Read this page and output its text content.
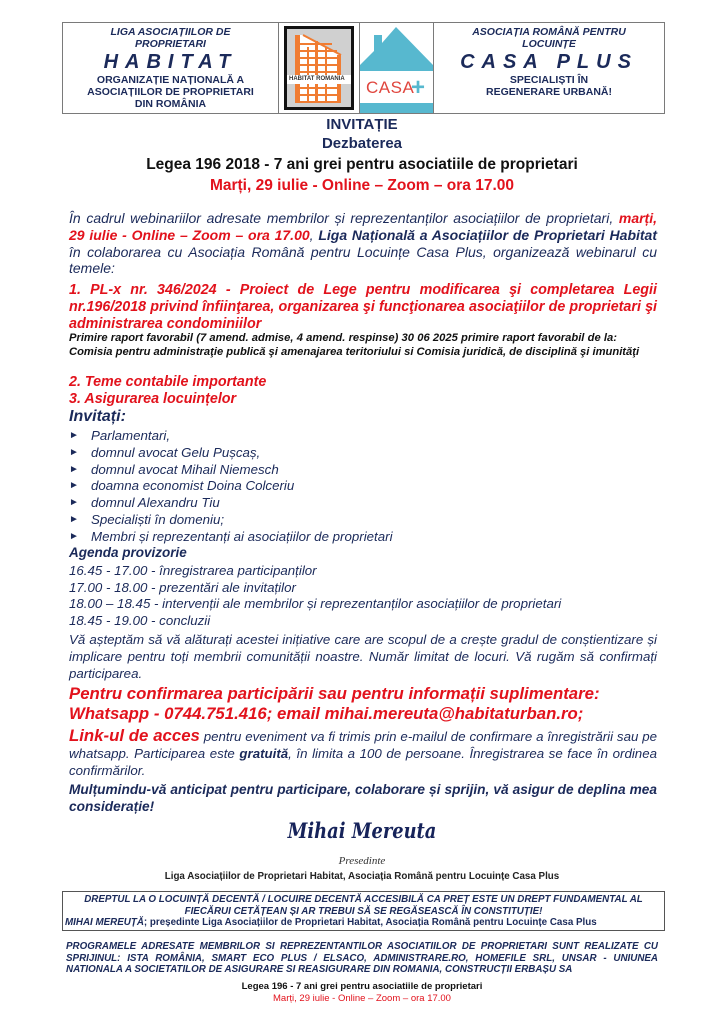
LIGA ASOCIAȚIILOR DE
PROPRIETARI
HABITAT
ORGANIZAȚIE NAȚIONALĂ A
ASOCIAȚIILOR DE PROPRIETARI
DIN ROMÂNIA
HABITAT ROMANIA	CASA
+
ASOCIAȚIA ROMÂNĂ PENTRU
LOCUINȚE
CASA PLUS
SPECIALIȘTI ÎN
REGENERARE URBANĂ!
INVITAȚIE
Dezbaterea
Legea 196 2018 - 7 ani grei pentru asociatiile de proprietari
Marți, 29 iulie - Online – Zoom – ora 17.00
În cadrul webinariilor adresate membrilor și reprezentanților asociațiilor de proprietari, marți, 29 iulie - Online – Zoom – ora 17.00, Liga Națională a Asociațiilor de Proprietari Habitat în colaborarea cu Asociația Română pentru Locuințe Casa Plus, organizează webinarul cu temele:
1. PL-x nr. 346/2024 - Proiect de Lege pentru modificarea şi completarea Legii nr.196/2018 privind înfiinţarea, organizarea şi funcţionarea asociaţiilor de proprietari şi administrarea condominiilor
Primire raport favorabil (7 amend. admise, 4 amend. respinse) 30 06 2025 primire raport favorabil de la:Comisia pentru administraţie publică şi amenajarea teritoriului si Comisia juridică, de disciplină şi imunităţi
2. Teme contabile importante
3. Asigurarea locuințelor
Invitați:
► Parlamentari,
► domnul avocat Gelu Pușcaș,
► domnul avocat Mihail Niemesch
► doamna economist Doina Colceriu
► domnul Alexandru Tiu
► Specialiști în domeniu;
► Membri și reprezentanți ai asociațiilor de proprietari
Agenda provizorie
16.45 - 17.00 - înregistrarea participanților
17.00 - 18.00 - prezentări ale invitaților
18.00 – 18.45 - intervenții ale membrilor și reprezentanților asociațiilor de proprietari
18.45 - 19.00 - concluzii
Vă așteptăm să vă alăturați acestei inițiative care are scopul de a crește gradul de conștientizare și implicare pentru toți membrii comunității noastre. Număr limitat de locuri. Vă rugăm să confirmați participarea.
Pentru confirmarea participării sau pentru informații suplimentare:
Whatsapp - 0744.751.416; email mihai.mereuta@habitaturban.ro;
Link-ul de acces pentru eveniment va fi trimis prin e-mailul de confirmare a înregistrării sau pe whatsapp. Participarea este gratuită, în limita a 100 de persoane. Înregistrarea se face în ordinea confirmărilor.
Mulțumindu-vă anticipat pentru participare, colaborare și sprijin, vă asigur de deplina mea considerație!
Mihai Mereuta
Presedinte
Liga Asociațiilor de Proprietari Habitat, Asociația Română pentru Locuințe Casa Plus
DREPTUL LA O LOCUINȚĂ DECENTĂ / LOCUIRE DECENTĂ ACCESIBILĂ CA PREȚ ESTE UN DREPT FUNDAMENTAL AL FIECĂRUI CETĂȚEAN ȘI AR TREBUI SĂ SE REGĂSEASCĂ ÎN CONSTITUȚIE!
MIHAI MEREUȚĂ; președinte Liga Asociațiilor de Proprietari Habitat, Asociația Română pentru Locuințe Casa Plus
PROGRAMELE ADRESATE MEMBRILOR SI REPREZENTANTILOR ASOCIATIILOR DE PROPRIETARI SUNT REALIZATE CU SPRIJINUL: ISTA ROMÂNIA, SMART ECO PLUS / ELSACO, ADMINISTRARE.RO, HOMEFILE SRL, UNSAR - UNIUNEA NATIONALA A SOCIETATILOR DE ASIGURARE SI REASIGURARE DIN ROMANIA, CONSTRUCȚII ERBAȘU SA
Legea 196 - 7 ani grei pentru asociatiile de proprietari
Marți, 29 iulie - Online – Zoom – ora 17.00
